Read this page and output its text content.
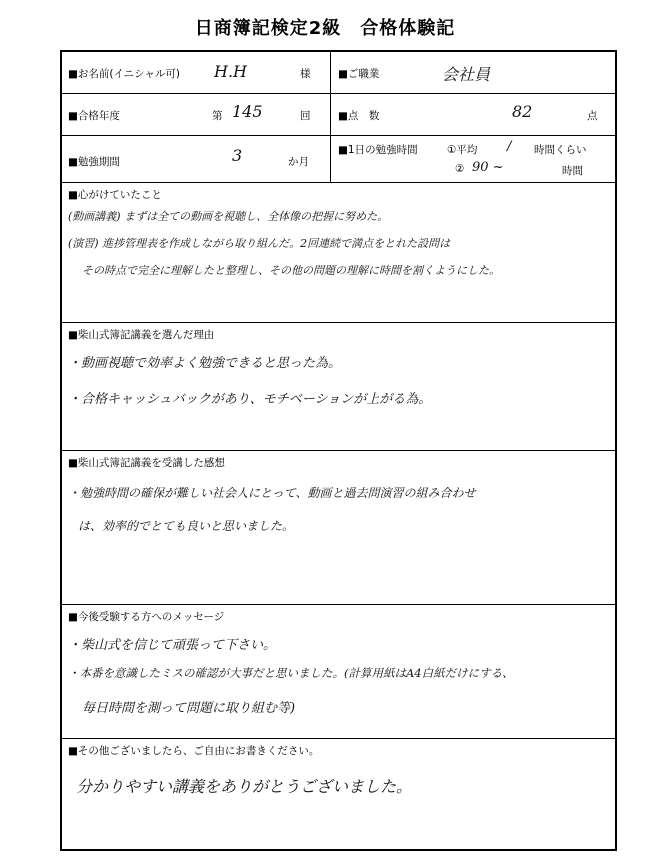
日商簿記検定2級　合格体験記
■お名前(イニシャル可) H.H	様	■ご職業	会社員
■合格年度	第 145	回	■点　数	82	点
■勉強期間	3	か月
■1日の勉強時間	①平均 / 時間くらい
② 90 ~	時間
■心がけていたこと
(動画講義) まずは全ての動画を視聴し、全体像の把握に努めた。
(演習) 進捗管理表を作成しながら取り組んだ。2回連続で満点をとれた設問は
その時点で完全に理解したと整理し、その他の問題の理解に時間を割くようにした。
■柴山式簿記講義を選んだ理由
・動画視聴で効率よく勉強できると思った為。
・合格キャッシュバックがあり、モチベーションが上がる為。
■柴山式簿記講義を受講した感想
・勉強時間の確保が難しい社会人にとって、動画と過去問演習の組み合わせ
は、効率的でとても良いと思いました。
■今後受験する方へのメッセージ
・柴山式を信じて頑張って下さい。
・本番を意識したミスの確認が大事だと思いました。(計算用紙はA4白紙だけにする、
毎日時間を測って問題に取り組む等)
■その他ございましたら、ご自由にお書きください。
分かりやすい講義をありがとうございました。
